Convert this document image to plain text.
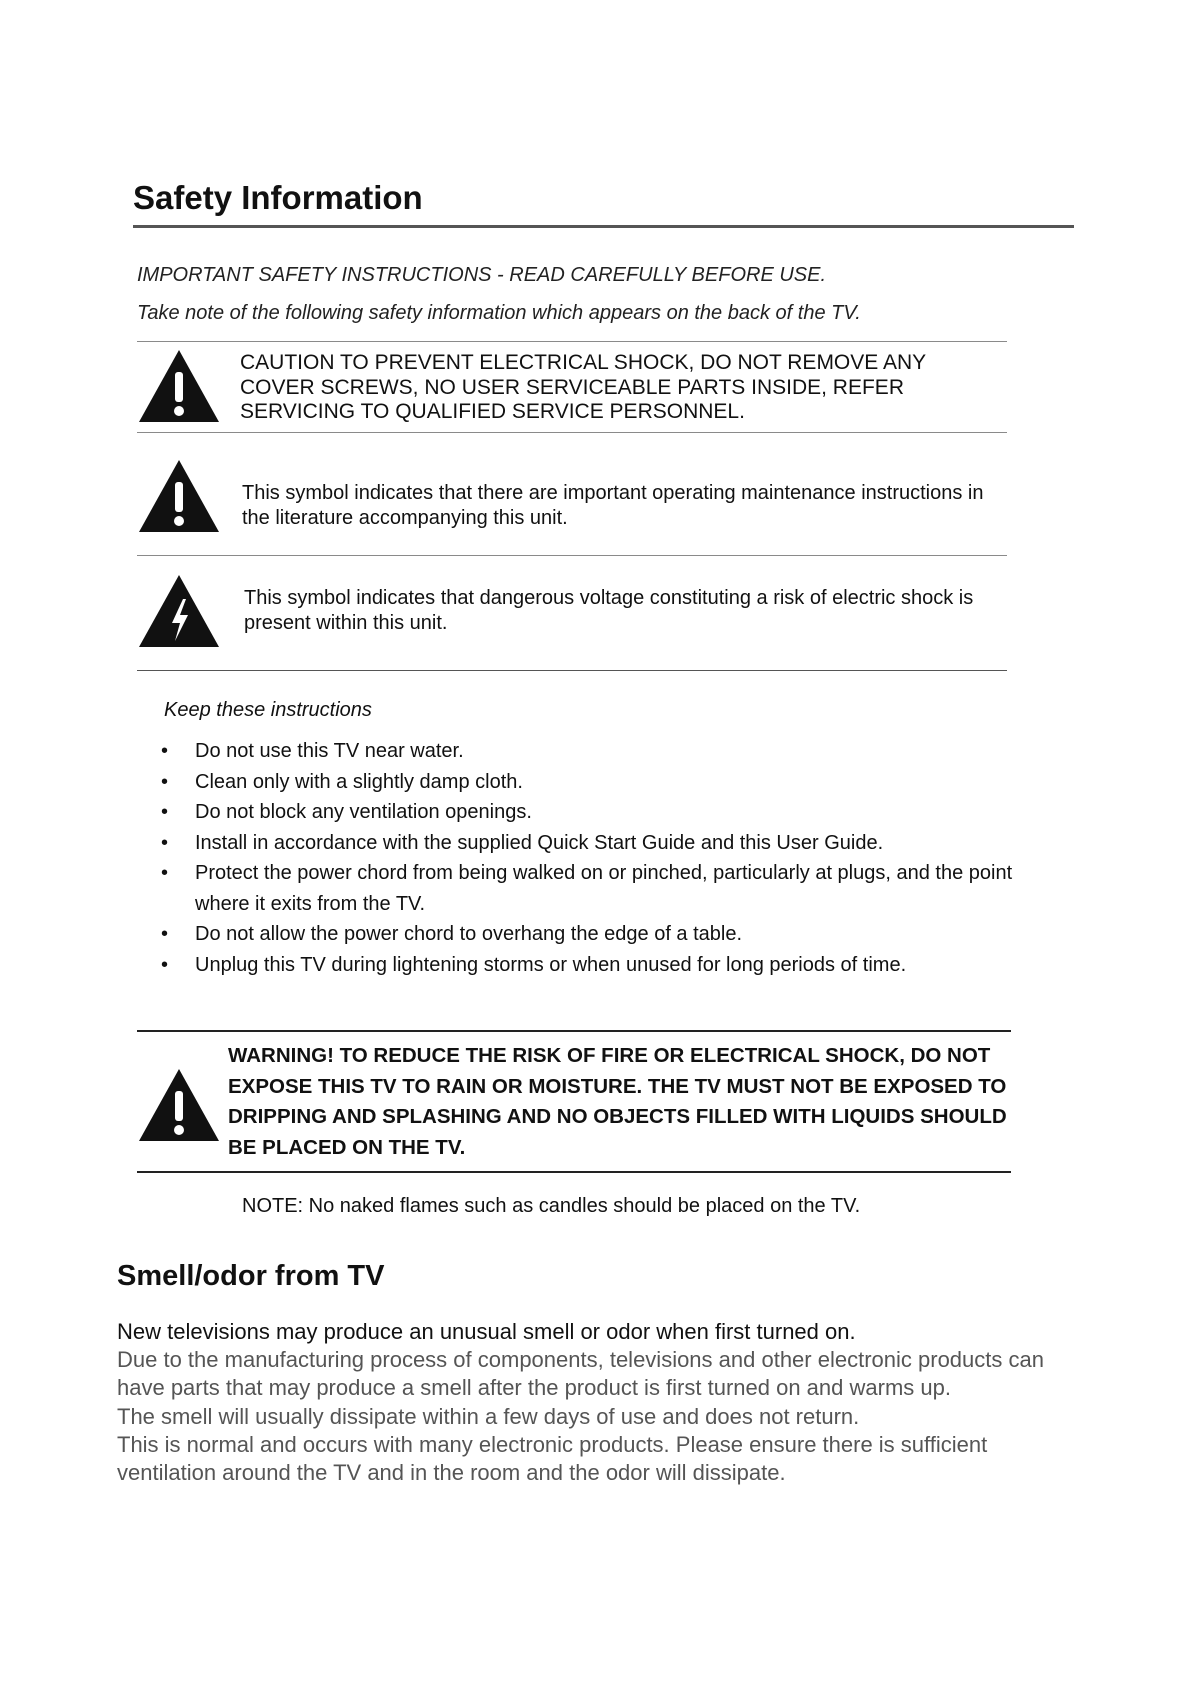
Safety Information

IMPORTANT SAFETY INSTRUCTIONS - READ CAREFULLY BEFORE USE.

Take note of the following safety information which appears on the back of the TV.

CAUTION TO PREVENT ELECTRICAL SHOCK, DO NOT REMOVE ANY COVER SCREWS, NO USER SERVICEABLE PARTS INSIDE, REFER SERVICING TO QUALIFIED SERVICE PERSONNEL.

This symbol indicates that there are important operating maintenance instructions in the literature accompanying this unit.

This symbol indicates that dangerous voltage constituting a risk of electric shock is present within this unit.

Keep these instructions

• Do not use this TV near water.
• Clean only with a slightly damp cloth.
• Do not block any ventilation openings.
• Install in accordance with the supplied Quick Start Guide and this User Guide.
• Protect the power chord from being walked on or pinched, particularly at plugs, and the point where it exits from the TV.
• Do not allow the power chord to overhang the edge of a table.
• Unplug this TV during lightening storms or when unused for long periods of time.

WARNING! TO REDUCE THE RISK OF FIRE OR ELECTRICAL SHOCK, DO NOT EXPOSE THIS TV TO RAIN OR MOISTURE. THE TV MUST NOT BE EXPOSED TO DRIPPING AND SPLASHING AND NO OBJECTS FILLED WITH LIQUIDS SHOULD BE PLACED ON THE TV.

NOTE: No naked flames such as candles should be placed on the TV.

Smell/odor from TV

New televisions may produce an unusual smell or odor when first turned on.
Due to the manufacturing process of components, televisions and other electronic products can have parts that may produce a smell after the product is first turned on and warms up.
The smell will usually dissipate within a few days of use and does not return.
This is normal and occurs with many electronic products. Please ensure there is sufficient ventilation around the TV and in the room and the odor will dissipate.
